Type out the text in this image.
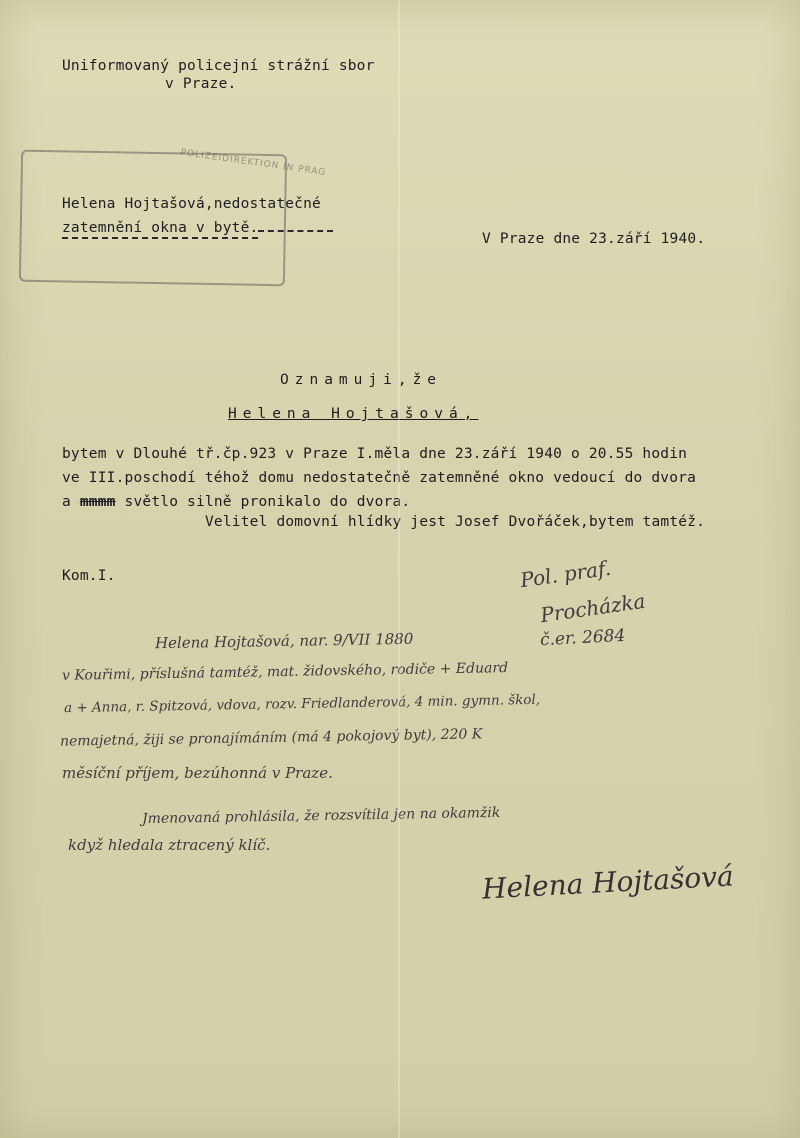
Uniformovaný policejní strážní sbor
v Praze.
POLIZEIDIREKTION IN PRAG
Helena Hojtašová,nedostatečné
zatemnění okna v bytě.
V Praze dne 23.září 1940.
Oznamuji,že
Helena Hojtašová,
bytem v Dlouhé tř.čp.923 v Praze I.měla dne 23.září 1940 o 20.55 hodin
ve III.poschodí téhož domu nedostatečně zatemněné okno vedoucí do dvora
a mmmm světlo silně pronikalo do dvora.
Velitel domovní hlídky jest Josef Dvořáček,bytem tamtéž.
Kom.I.	Pol. praf.
Procházka
č.er. 2684
Helena Hojtašová, nar. 9/VII 1880
v Kouřimi, příslušná tamtéž, mat. židovského, rodiče + Eduard
a + Anna, r. Spitzová, vdova, rozv. Friedlanderová, 4 min. gymn. škol,
nemajetná, žiji se pronajímáním (má 4 pokojový byt), 220 K
měsíční příjem, bezúhonná v Praze.
Jmenovaná prohlásila, že rozsvítila jen na okamžik
když hledala ztracený klíč.
Helena Hojtašová
